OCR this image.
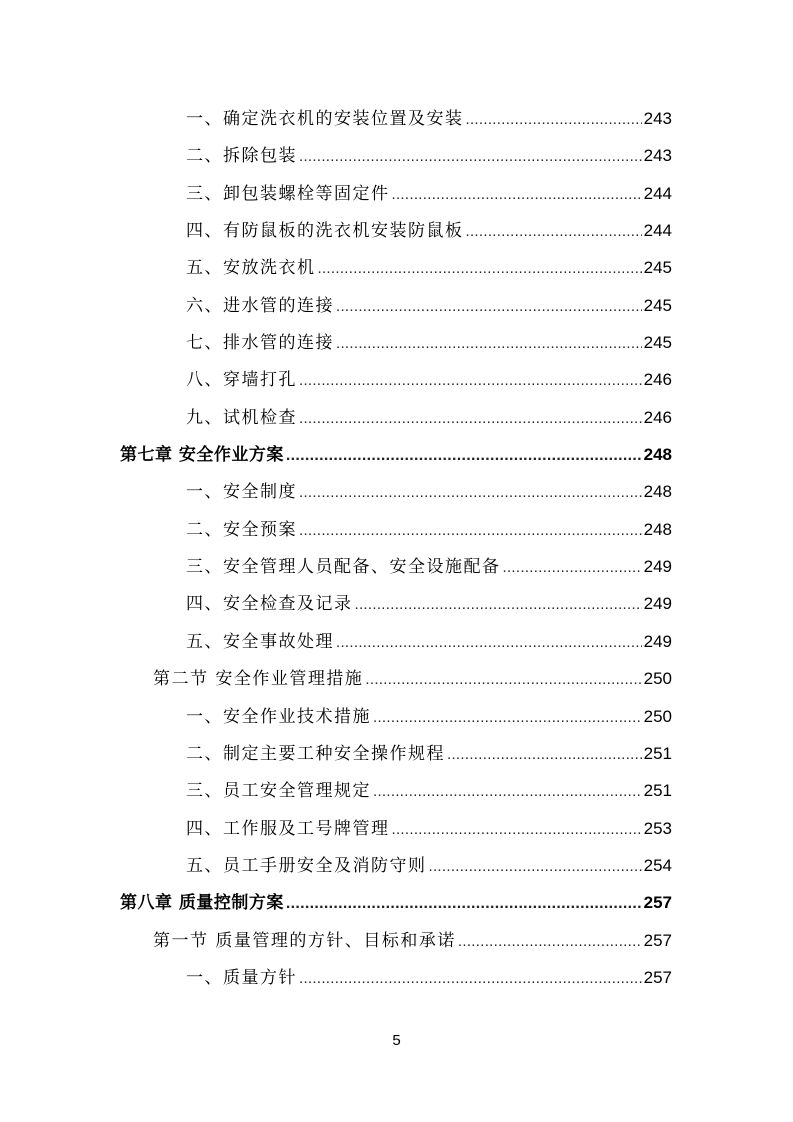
一、确定洗衣机的安装位置及安装 .....	243
二、拆除包装 .....	243
三、卸包装螺栓等固定件 .....	244
四、有防鼠板的洗衣机安装防鼠板 .....	244
五、安放洗衣机 .....	245
六、进水管的连接 .....	245
七、排水管的连接 .....	245
八、穿墙打孔 .....	246
九、试机检查 .....	246
第七章 安全作业方案 .....	248
一、安全制度 .....	248
二、安全预案 .....	248
三、安全管理人员配备、安全设施配备 .....	249
四、安全检查及记录 .....	249
五、安全事故处理 .....	249
第二节 安全作业管理措施 .....	250
一、安全作业技术措施 .....	250
二、制定主要工种安全操作规程 .....	251
三、员工安全管理规定 .....	251
四、工作服及工号牌管理 .....	253
五、员工手册安全及消防守则 .....	254
第八章 质量控制方案 .....	257
第一节 质量管理的方针、目标和承诺 .....	257
一、质量方针 .....	257
5
